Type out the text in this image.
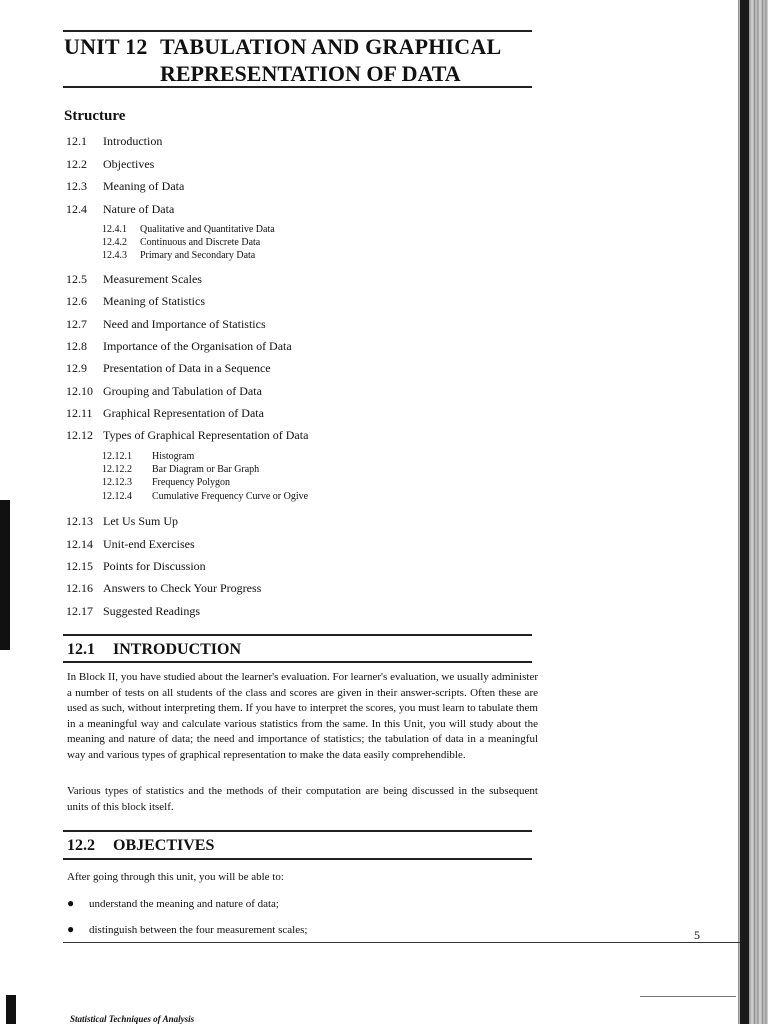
UNIT 12 TABULATION AND GRAPHICAL
REPRESENTATION OF DATA
Structure
12.1 Introduction
12.2 Objectives
12.3 Meaning of Data
12.4 Nature of Data
12.4.1 Qualitative and Quantitative Data
12.4.2 Continuous and Discrete Data
12.4.3 Primary and Secondary Data
12.5 Measurement Scales
12.6 Meaning of Statistics
12.7 Need and Importance of Statistics
12.8 Importance of the Organisation of Data
12.9 Presentation of Data in a Sequence
12.10 Grouping and Tabulation of Data
12.11 Graphical Representation of Data
12.12 Types of Graphical Representation of Data
12.12.1 Histogram
12.12.2 Bar Diagram or Bar Graph
12.12.3 Frequency Polygon
12.12.4 Cumulative Frequency Curve or Ogive
12.13 Let Us Sum Up
12.14 Unit-end Exercises
12.15 Points for Discussion
12.16 Answers to Check Your Progress
12.17 Suggested Readings
12.1 INTRODUCTION
In Block II, you have studied about the learner's evaluation. For learner's evaluation, we usually administer a number of tests on all students of the class and scores are given in their answer-scripts. Often these are used as such, without interpreting them. If you have to interpret the scores, you must learn to tabulate them in a meaningful way and calculate various statistics from the same. In this Unit, you will study about the meaning and nature of data; the need and importance of statistics; the tabulation of data in a meaningful way and various types of graphical representation to make the data easily comprehendible.
Various types of statistics and the methods of their computation are being discussed in the subsequent units of this block itself.
12.2 OBJECTIVES
After going through this unit, you will be able to:
● understand the meaning and nature of data;
● distinguish between the four measurement scales;	5
Statistical Techniques of Analysis
